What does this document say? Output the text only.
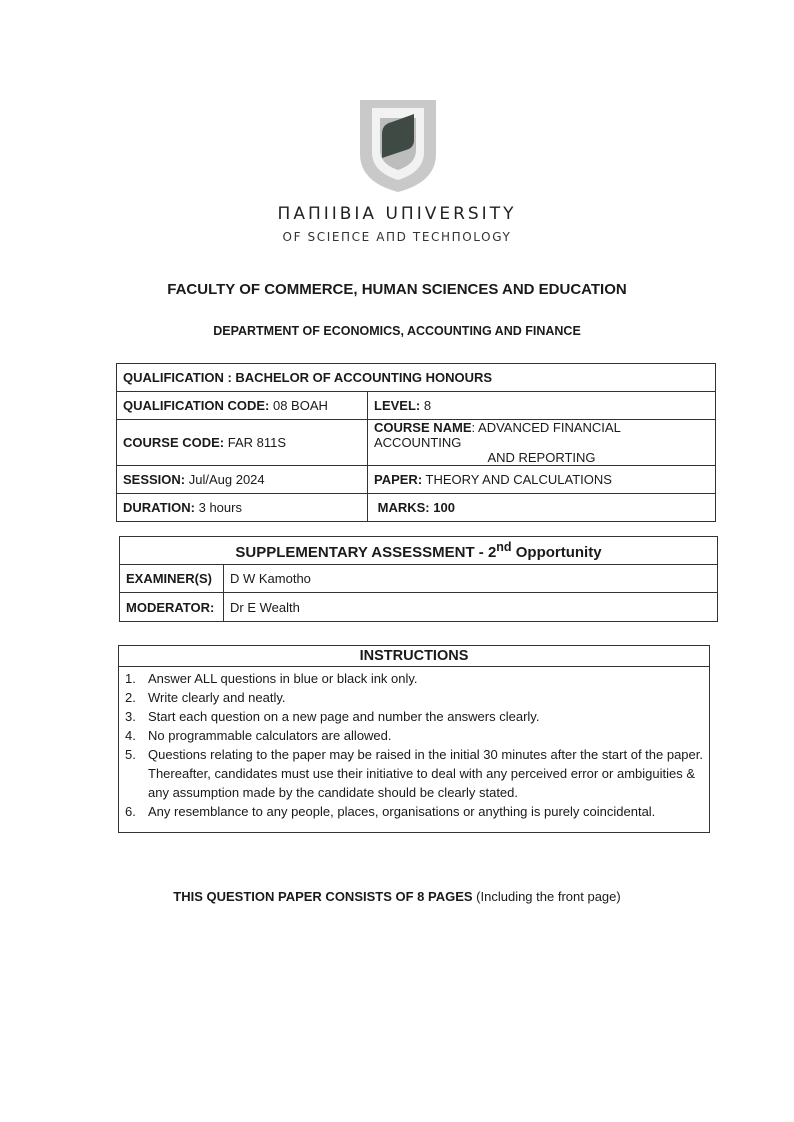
ΠΑΠΙΙΒΙΑ UΠΙVERSITY
OF SCIEΠCE AΠD TECHΠOLOGY
FACULTY OF COMMERCE, HUMAN SCIENCES AND EDUCATION
DEPARTMENT OF ECONOMICS, ACCOUNTING AND FINANCE
QUALIFICATION : BACHELOR OF ACCOUNTING HONOURS	
QUALIFICATION CODE: 08 BOAH	LEVEL: 8
COURSE CODE: FAR 811S	COURSE NAME: ADVANCED FINANCIAL ACCOUNTING
AND REPORTING

SESSION: Jul/Aug 2024	PAPER: THEORY AND CALCULATIONS
DURATION: 3 hours	MARKS: 100
SUPPLEMENTARY ASSESSMENT - 2nd Opportunity	
EXAMINER(S)	D W Kamotho
MODERATOR:	Dr E Wealth
INSTRUCTIONS
1. Answer ALL questions in blue or black ink only.
2. Write clearly and neatly.
3. Start each question on a new page and number the answers clearly.
4. No programmable calculators are allowed.
5. Questions relating to the paper may be raised in the initial 30 minutes after the start of the paper. Thereafter, candidates must use their initiative to deal with any perceived error or ambiguities & any assumption made by the candidate should be clearly stated.
6. Any resemblance to any people, places, organisations or anything is purely coincidental.
THIS QUESTION PAPER CONSISTS OF 8 PAGES (Including the front page)
